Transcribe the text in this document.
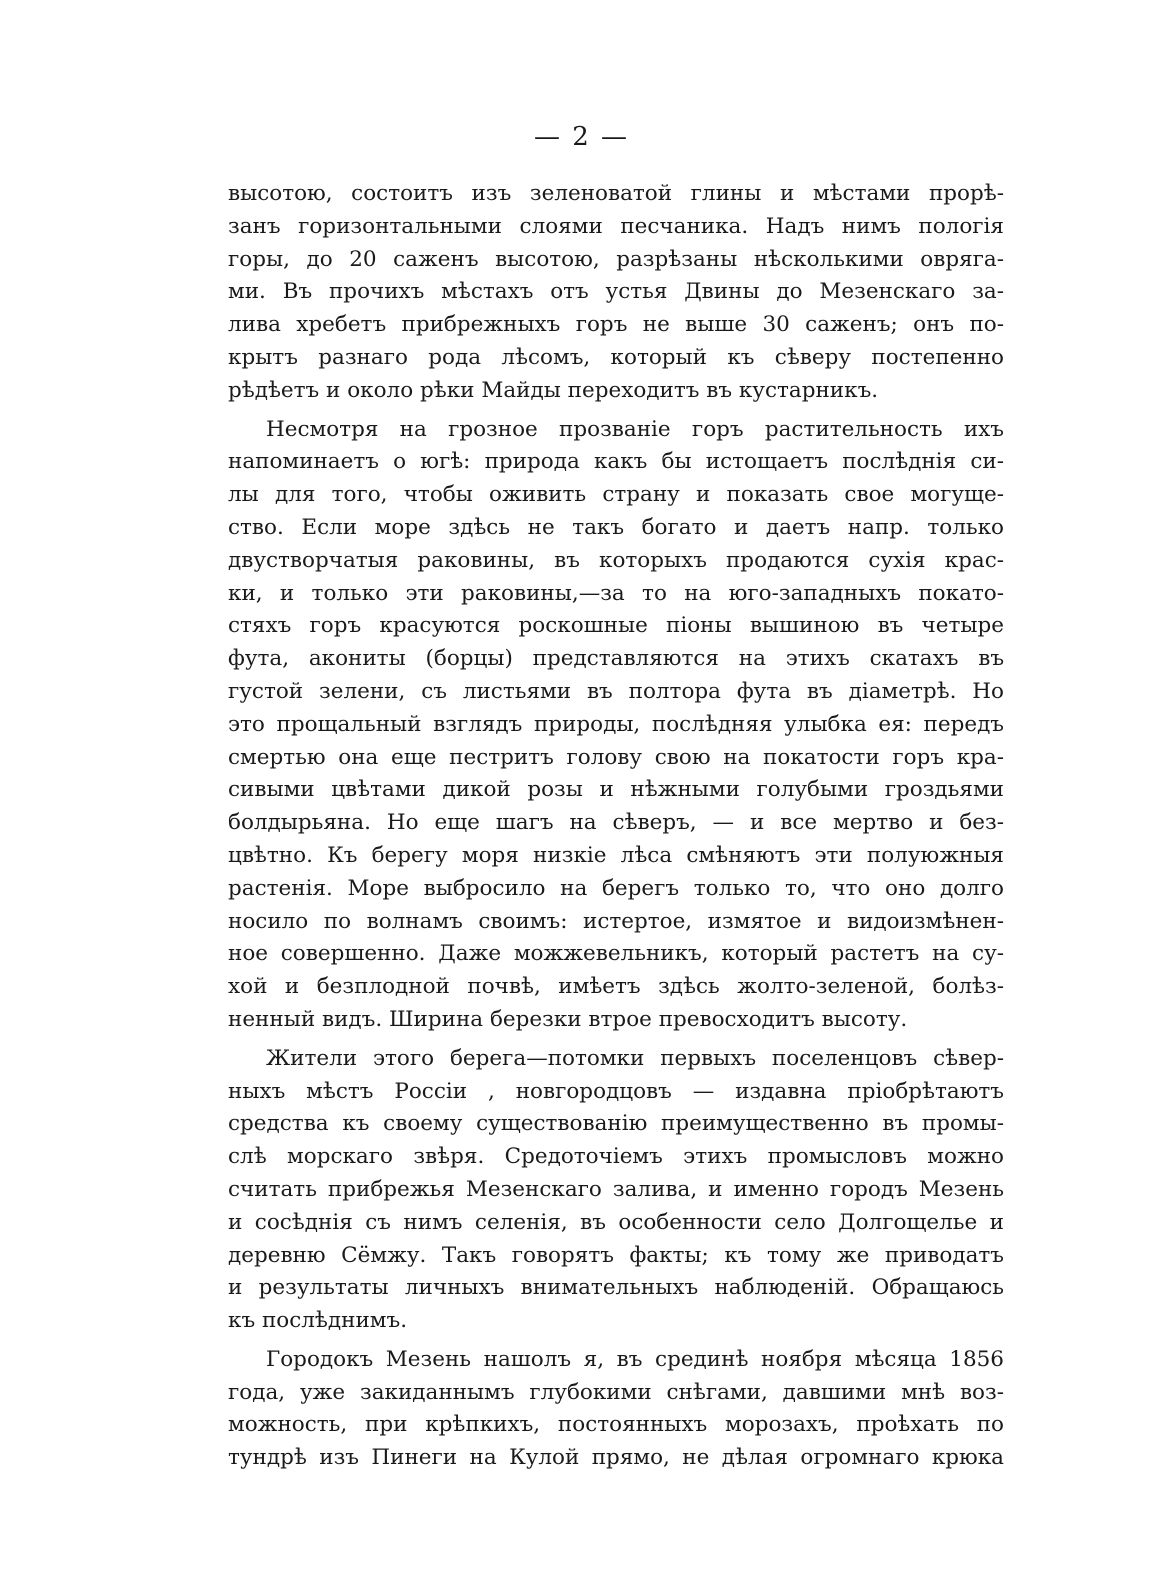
— 2 —
высотою, состоитъ изъ зеленоватой глины и мѣстами прорѣ-
занъ горизонтальными слоями песчаника. Надъ нимъ пологія
горы, до 20 саженъ высотою, разрѣзаны нѣсколькими овряга-
ми. Въ прочихъ мѣстахъ отъ устья Двины до Мезенскаго за-
лива хребетъ прибрежныхъ горъ не выше 30 саженъ; онъ по-
крытъ разнаго рода лѣсомъ, который къ сѣверу постепенно
рѣдѣетъ и около рѣки Майды переходитъ въ кустарникъ.
Несмотря на грозное прозваніе горъ растительность ихъ
напоминаетъ о югѣ: природа какъ бы истощаетъ послѣднія си-
лы для того, чтобы оживить страну и показать свое могуще-
ство. Если море здѣсь не такъ богато и даетъ напр. только
двустворчатыя раковины, въ которыхъ продаются сухія крас-
ки, и только эти раковины,—за то на юго-западныхъ покато-
стяхъ горъ красуются роскошные піоны вышиною въ четыре
фута, акониты (борцы) представляются на этихъ скатахъ въ
густой зелени, съ листьями въ полтора фута въ діаметрѣ. Но
это прощальный взглядъ природы, послѣдняя улыбка ея: передъ
смертью она еще пестритъ голову свою на покатости горъ кра-
сивыми цвѣтами дикой розы и нѣжными голубыми гроздьями
болдырьяна. Но еще шагъ на сѣверъ, — и все мертво и без-
цвѣтно. Къ берегу моря низкіе лѣса смѣняютъ эти полуюжныя
растенія. Море выбросило на берегъ только то, что оно долго
носило по волнамъ своимъ: истертое, измятое и видоизмѣнен-
ное совершенно. Даже можжевельникъ, который растетъ на су-
хой и безплодной почвѣ, имѣетъ здѣсь жолто-зеленой, болѣз-
ненный видъ. Ширина березки втрое превосходитъ высоту.
Жители этого берега—потомки первыхъ поселенцовъ сѣвер-
ныхъ мѣстъ Россіи , новгородцовъ — издавна пріобрѣтаютъ
средства къ своему существованію преимущественно въ промы-
слѣ морскаго звѣря. Средоточіемъ этихъ промысловъ можно
считать прибрежья Мезенскаго залива, и именно городъ Мезень
и сосѣднія съ нимъ селенія, въ особенности село Долгощелье и
деревню Сёмжу. Такъ говорятъ факты; къ тому же приводатъ
и результаты личныхъ внимательныхъ наблюденій. Обращаюсь
къ послѣднимъ.
Городокъ Мезень нашолъ я, въ срединѣ ноября мѣсяца 1856
года, уже закиданнымъ глубокими снѣгами, давшими мнѣ воз-
можность, при крѣпкихъ, постоянныхъ морозахъ, проѣхать по
тундрѣ изъ Пинеги на Кулой прямо, не дѣлая огромнаго крюка
